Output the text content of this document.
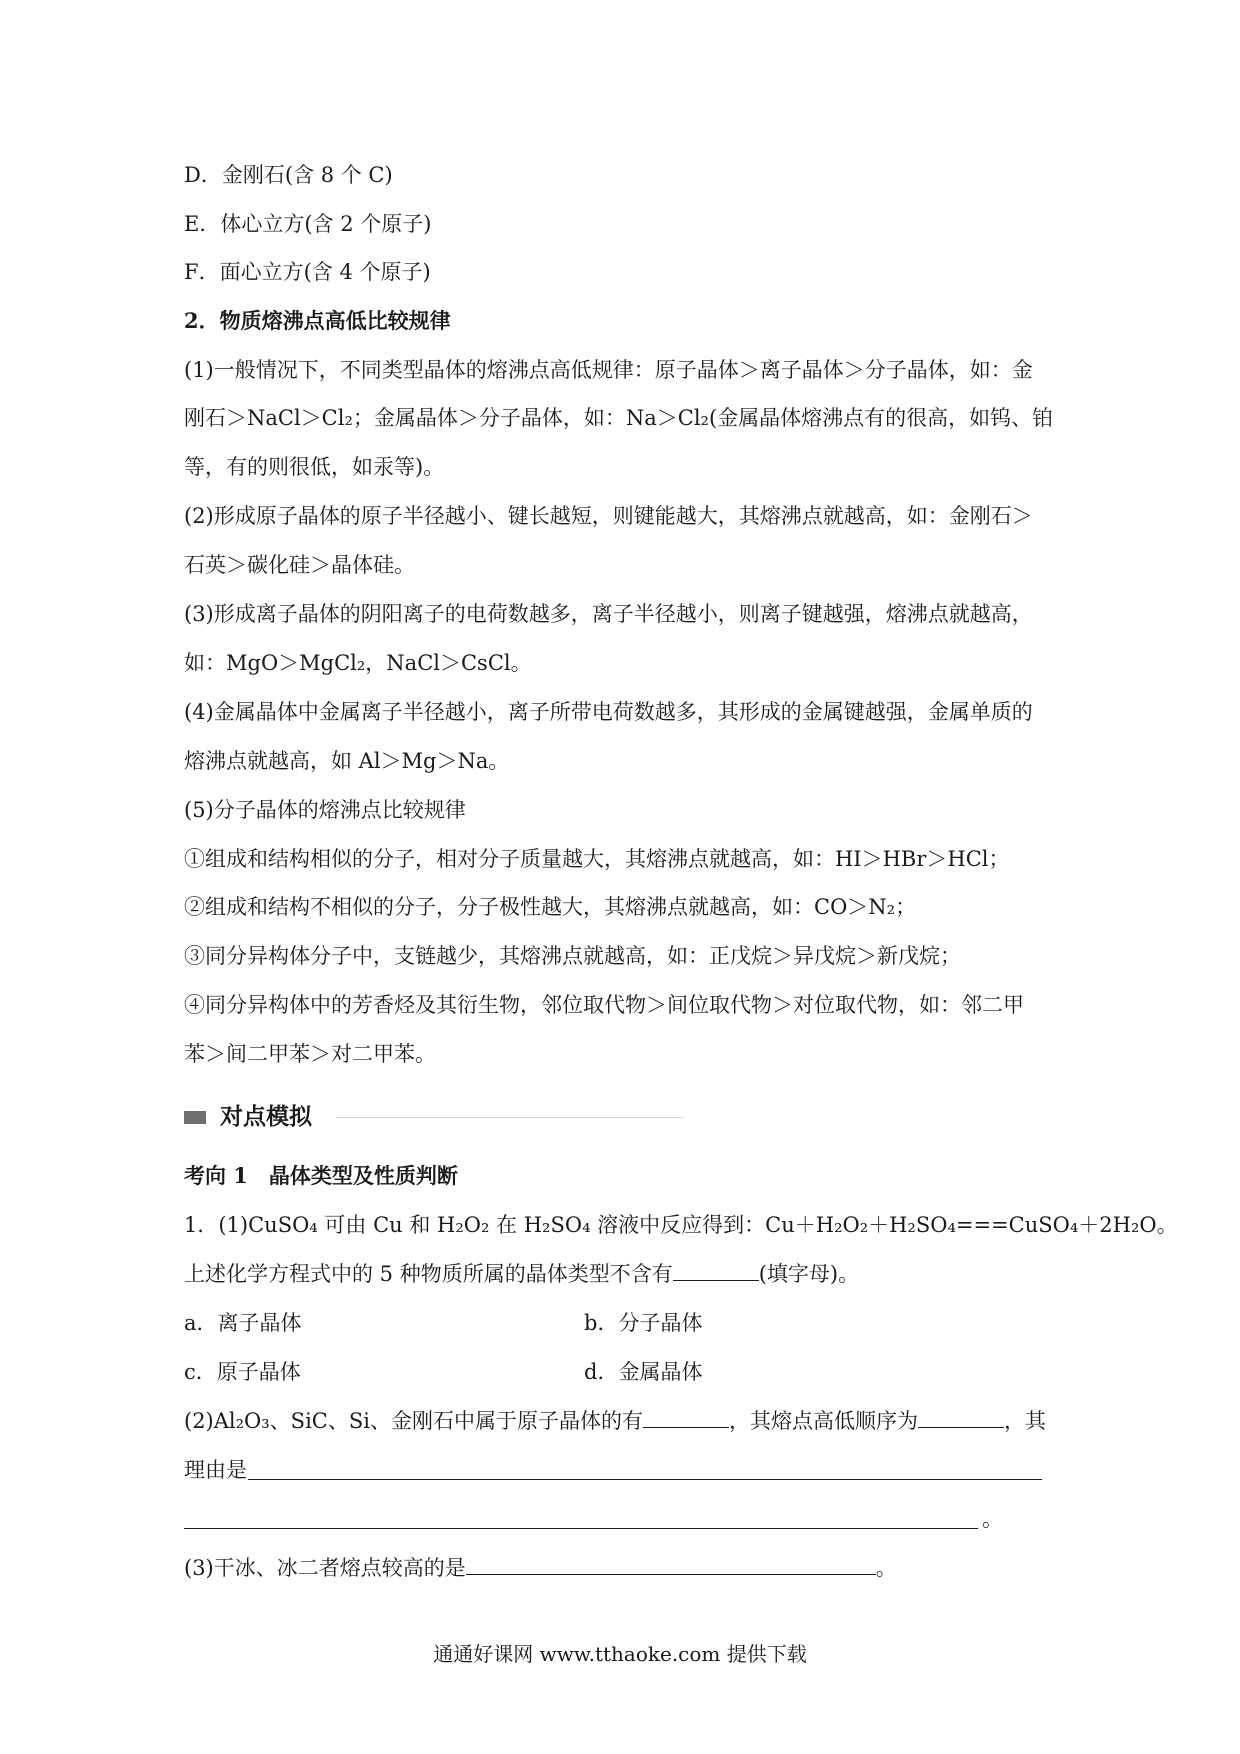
D．金刚石(含 8 个 C)
E．体心立方(含 2 个原子)
F．面心立方(含 4 个原子)
2．物质熔沸点高低比较规律
(1)一般情况下，不同类型晶体的熔沸点高低规律：原子晶体＞离子晶体＞分子晶体，如：金
刚石＞NaCl＞Cl₂；金属晶体＞分子晶体，如：Na＞Cl₂(金属晶体熔沸点有的很高，如钨、铂
等，有的则很低，如汞等)。
(2)形成原子晶体的原子半径越小、键长越短，则键能越大，其熔沸点就越高，如：金刚石＞
石英＞碳化硅＞晶体硅。
(3)形成离子晶体的阴阳离子的电荷数越多，离子半径越小，则离子键越强，熔沸点就越高，
如：MgO＞MgCl₂，NaCl＞CsCl。
(4)金属晶体中金属离子半径越小，离子所带电荷数越多，其形成的金属键越强，金属单质的
熔沸点就越高，如 Al＞Mg＞Na。
(5)分子晶体的熔沸点比较规律
①组成和结构相似的分子，相对分子质量越大，其熔沸点就越高，如：HI＞HBr＞HCl；
②组成和结构不相似的分子，分子极性越大，其熔沸点就越高，如：CO＞N₂；
③同分异构体分子中，支链越少，其熔沸点就越高，如：正戊烷＞异戊烷＞新戊烷；
④同分异构体中的芳香烃及其衍生物，邻位取代物＞间位取代物＞对位取代物，如：邻二甲
苯＞间二甲苯＞对二甲苯。
对点模拟
考向 1　晶体类型及性质判断
1．(1)CuSO₄ 可由 Cu 和 H₂O₂ 在 H₂SO₄ 溶液中反应得到：Cu＋H₂O₂＋H₂SO₄===CuSO₄＋2H₂O。
上述化学方程式中的 5 种物质所属的晶体类型不含有	(填字母)。
a．离子晶体	b．分子晶体
c．原子晶体	d．金属晶体
(2)Al₂O₃、SiC、Si、金刚石中属于原子晶体的有	，其熔点高低顺序为	，其
理由是
。
(3)干冰、冰二者熔点较高的是	。
通通好课网 www.tthaoke.com 提供下载
